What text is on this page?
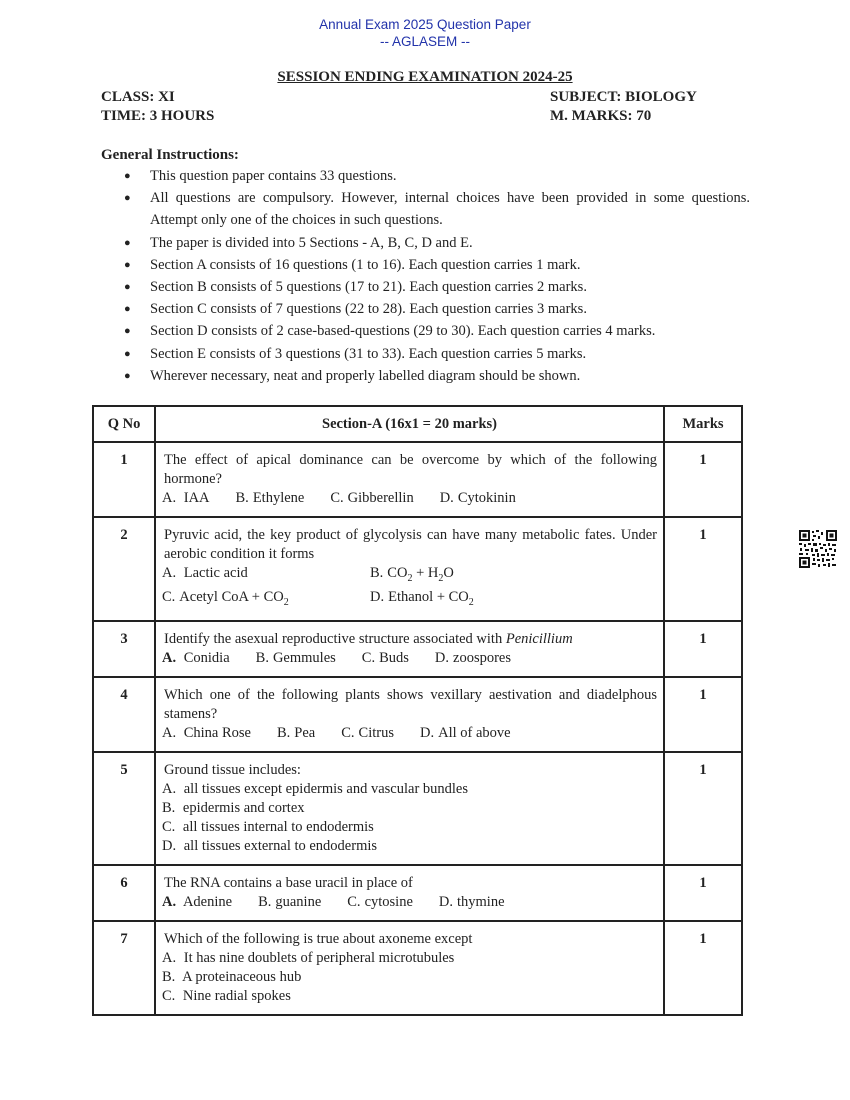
Annual Exam 2025 Question Paper
-- AGLASEM --
SESSION ENDING EXAMINATION 2024-25
CLASS: XI
TIME: 3 HOURS
SUBJECT: BIOLOGY
M. MARKS: 70
General Instructions:
● This question paper contains 33 questions.
● All questions are compulsory. However, internal choices have been provided in some questions. Attempt only one of the choices in such questions.
● The paper is divided into 5 Sections - A, B, C, D and E.
● Section A consists of 16 questions (1 to 16). Each question carries 1 mark.
● Section B consists of 5 questions (17 to 21). Each question carries 2 marks.
● Section C consists of 7 questions (22 to 28). Each question carries 3 marks.
● Section D consists of 2 case-based-questions (29 to 30). Each question carries 4 marks.
● Section E consists of 3 questions (31 to 33). Each question carries 5 marks.
● Wherever necessary, neat and properly labelled diagram should be shown.
Q No	Section-A (16x1 = 20 marks)	Marks
1	The effect of apical dominance can be overcome by which of the following hormone?
A. IAA B. Ethylene C. Gibberellin D. Cytokinin	1
2	Pyruvic acid, the key product of glycolysis can have many metabolic fates. Under aerobic condition it forms
A. Lactic acid B. $CO_2 + H_2O$
C. Acetyl CoA + $CO_2$ D. Ethanol + $CO_2$	1
3	Identify the asexual reproductive structure associated with Penicillium
A. Conidia B. Gemmules C. Buds D. zoospores	1
4	Which one of the following plants shows vexillary aestivation and diadelphous stamens?
A. China Rose B. Pea C. Citrus D. All of above	1
5	Ground tissue includes:
A. all tissues except epidermis and vascular bundles
B. epidermis and cortex
C. all tissues internal to endodermis
D. all tissues external to endodermis	1
6	The RNA contains a base uracil in place of
A. Adenine B. guanine C. cytosine D. thymine	1
7	Which of the following is true about axoneme except
A. It has nine doublets of peripheral microtubules
B. A proteinaceous hub
C. Nine radial spokes	1
